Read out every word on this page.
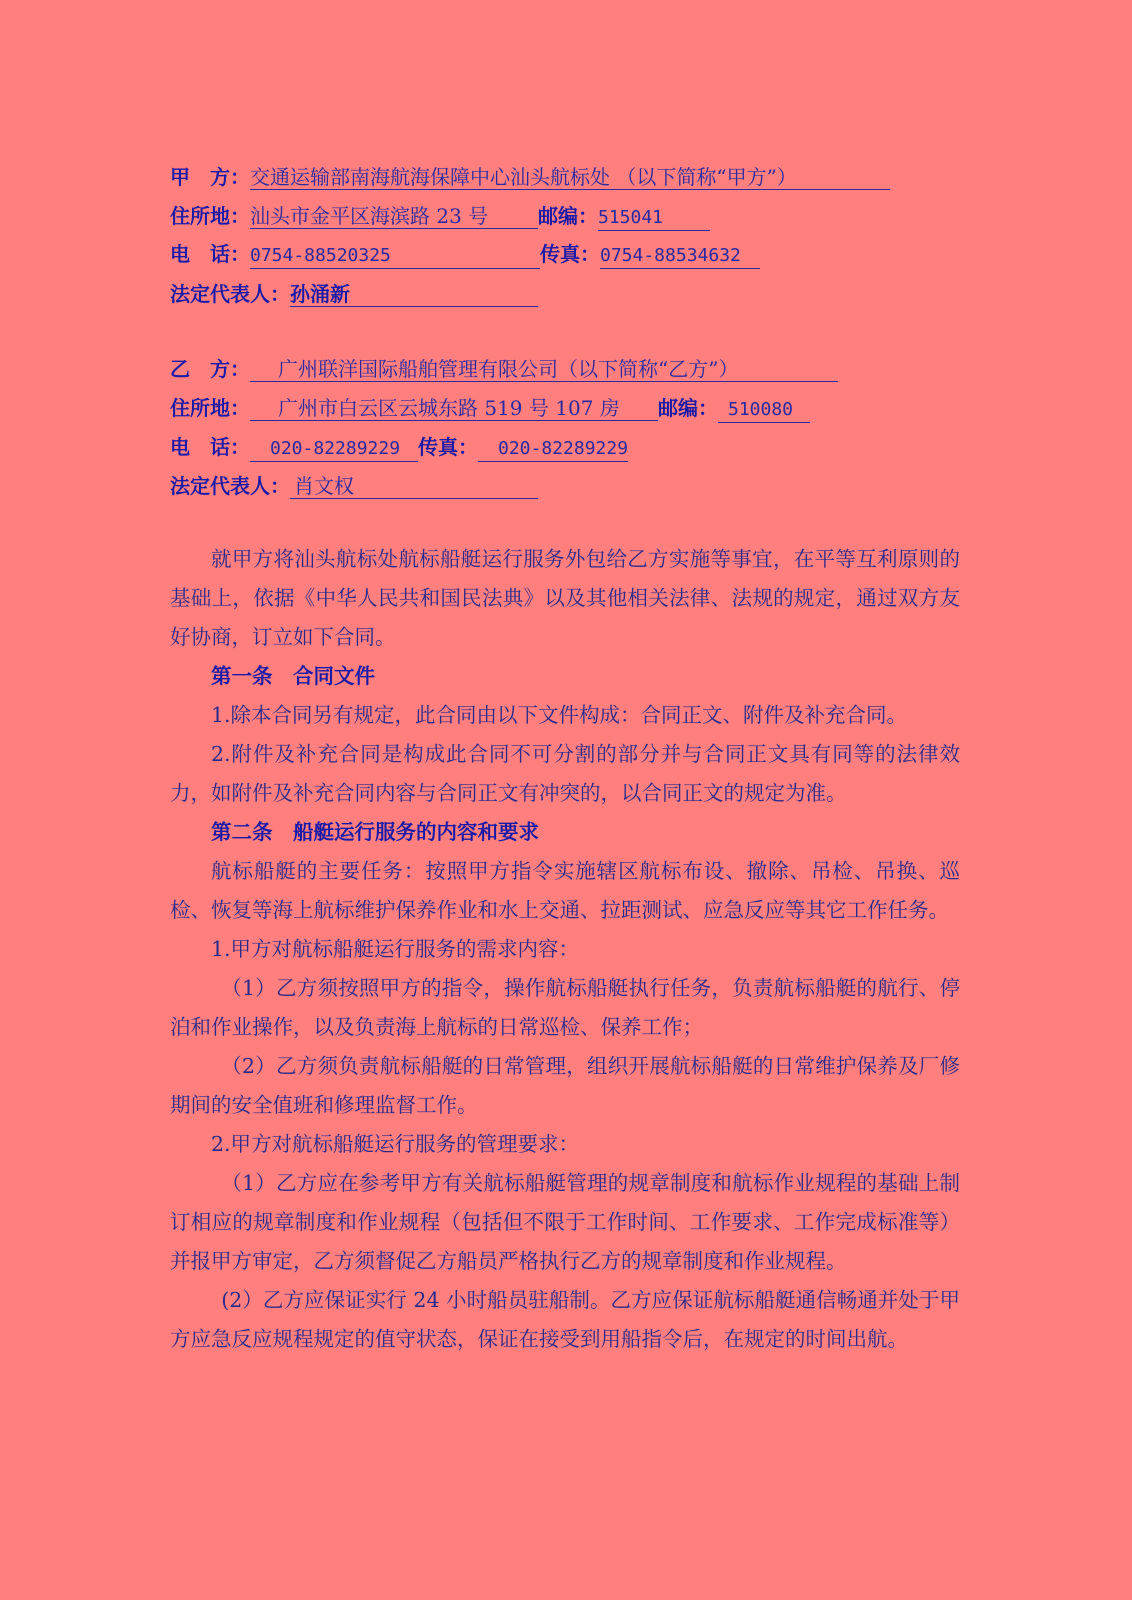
甲　方：交通运输部南海航海保障中心汕头航标处 （以下简称“甲方”）
住所地：汕头市金平区海滨路 23 号 邮编：515041
电　话：0754-88520325	传真：0754-88534632
法定代表人：孙涌新
乙　方： 广州联洋国际船舶管理有限公司（以下简称“乙方”）
住所地： 广州市白云区云城东路 519 号 107 房 邮编： 510080
电　话： 020-82289229 传真： 020-82289229
法定代表人： 肖文权

就甲方将汕头航标处航标船艇运行服务外包给乙方实施等事宜，在平等互利原则的基础上，依据《中华人民共和国民法典》以及其他相关法律、法规的规定，通过双方友好协商，订立如下合同。

第一条　合同文件

1.除本合同另有规定，此合同由以下文件构成：合同正文、附件及补充合同。

2.附件及补充合同是构成此合同不可分割的部分并与合同正文具有同等的法律效力，如附件及补充合同内容与合同正文有冲突的，以合同正文的规定为准。

第二条　船艇运行服务的内容和要求

航标船艇的主要任务：按照甲方指令实施辖区航标布设、撤除、吊检、吊换、巡检、恢复等海上航标维护保养作业和水上交通、拉距测试、应急反应等其它工作任务。

1.甲方对航标船艇运行服务的需求内容：

（1）乙方须按照甲方的指令，操作航标船艇执行任务，负责航标船艇的航行、停泊和作业操作，以及负责海上航标的日常巡检、保养工作；

（2）乙方须负责航标船艇的日常管理，组织开展航标船艇的日常维护保养及厂修期间的安全值班和修理监督工作。

2.甲方对航标船艇运行服务的管理要求：

（1）乙方应在参考甲方有关航标船艇管理的规章制度和航标作业规程的基础上制订相应的规章制度和作业规程（包括但不限于工作时间、工作要求、工作完成标准等）并报甲方审定，乙方须督促乙方船员严格执行乙方的规章制度和作业规程。

(2）乙方应保证实行 24 小时船员驻船制。乙方应保证航标船艇通信畅通并处于甲方应急反应规程规定的值守状态，保证在接受到用船指令后，在规定的时间出航。
